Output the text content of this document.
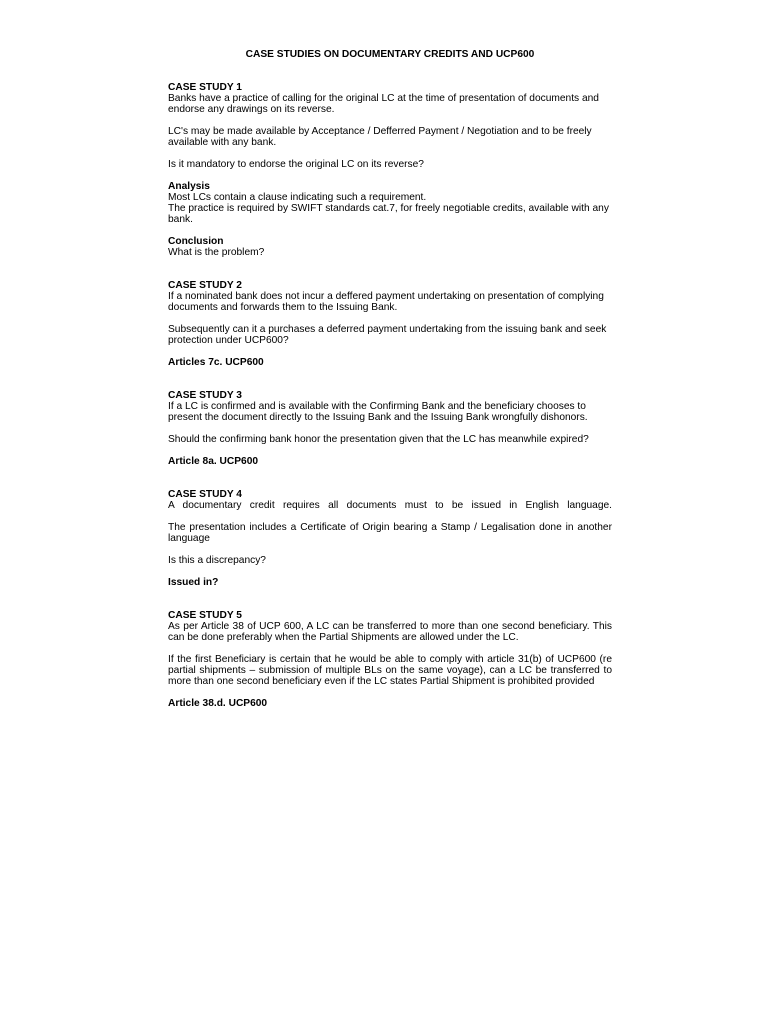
CASE STUDIES ON DOCUMENTARY CREDITS AND UCP600
CASE STUDY 1
Banks have a practice of calling for the original LC at the time of presentation of documents and endorse any drawings on its reverse.
LC's may be made available by Acceptance / Defferred Payment / Negotiation and to be freely available with any bank.
Is it mandatory to endorse the original LC on its reverse?
Analysis
Most LCs contain a clause indicating such a requirement.
The practice is required by SWIFT standards cat.7, for freely negotiable credits, available with any bank.
Conclusion
What is the problem?
CASE STUDY 2
If a nominated bank does not incur a deffered payment undertaking on presentation of complying documents and forwards them to the Issuing Bank.
Subsequently can it a purchases a deferred payment undertaking from the issuing bank and seek protection under UCP600?
Articles 7c. UCP600
CASE STUDY 3
If a LC is confirmed and is available with the Confirming Bank and the beneficiary chooses to present the document directly to the Issuing Bank and the Issuing Bank wrongfully dishonors.
Should the confirming bank honor the presentation given that the LC has meanwhile expired?
Article 8a. UCP600
CASE STUDY 4
A documentary credit requires all documents must to be issued in English language.
The presentation includes a Certificate of Origin bearing a Stamp / Legalisation done in another language
Is this a discrepancy?
Issued in?
CASE STUDY 5
As per Article 38 of UCP 600, A LC can be transferred to more than one second beneficiary. This can be done preferably when the Partial Shipments are allowed under the LC.
If the first Beneficiary is certain that he would be able to comply with article 31(b) of UCP600 (re partial shipments – submission of multiple BLs on the same voyage), can a LC be transferred to more than one second beneficiary even if the LC states Partial Shipment is prohibited provided
Article 38.d. UCP600
